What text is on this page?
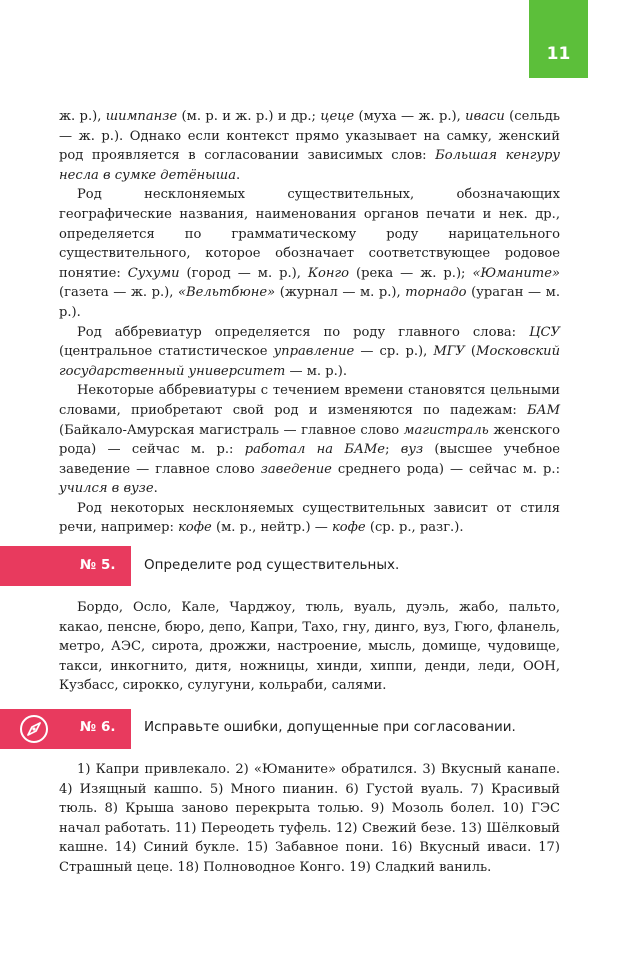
11

ж. р.), шимпанзе (м. р. и ж. р.) и др.; цеце (муха — ж. р.), иваси (сельдь — ж. р.). Однако если контекст прямо указывает на самку, женский род проявляется в согласовании зависимых слов: Большая кенгуру несла в сумке детёныша.

Род несклоняемых существительных, обозначающих географические названия, наименования органов печати и нек. др., определяется по грамматическому роду нарицательного существительного, которое обозначает соответствующее родовое понятие: Сухуми (город — м. р.), Конго (река — ж. р.); «Юманите» (газета — ж. р.), «Вельтбюне» (журнал — м. р.), торнадо (ураган — м. р.).

Род аббревиатур определяется по роду главного слова: ЦСУ (центральное статистическое управление — ср. р.), МГУ (Московский государственный университет — м. р.).

Некоторые аббревиатуры с течением времени становятся цельными словами, приобретают свой род и изменяются по падежам: БАМ (Байкало-Амурская магистраль — главное слово магистраль женского рода) — сейчас м. р.: работал на БАМе; вуз (высшее учебное заведение — главное слово заведение среднего рода) — сейчас м. р.: учился в вузе.

Род некоторых несклоняемых существительных зависит от стиля речи, например: кофе (м. р., нейтр.) — кофе (ср. р., разг.).

№ 5. Определите род существительных.

Бордо, Осло, Кале, Чарджоу, тюль, вуаль, дуэль, жабо, пальто, какао, пенсне, бюро, депо, Капри, Тахо, гну, динго, вуз, Гюго, фланель, метро, АЭС, сирота, дрожжи, настроение, мысль, домище, чудовище, такси, инкогнито, дитя, ножницы, хинди, хиппи, денди, леди, ООН, Кузбасс, сирокко, сулугуни, кольраби, салями.

№ 6. Исправьте ошибки, допущенные при согласовании.

1) Капри привлекало. 2) «Юманите» обратился. 3) Вкусный канапе. 4) Изящный кашпо. 5) Много пианин. 6) Густой вуаль. 7) Красивый тюль. 8) Крыша заново перекрыта толью. 9) Мозоль болел. 10) ГЭС начал работать. 11) Переодеть туфель. 12) Свежий безе. 13) Шёлковый кашне. 14) Синий букле. 15) Забавное пони. 16) Вкусный иваси. 17) Страшный цеце. 18) Полноводное Конго. 19) Сладкий ваниль.
